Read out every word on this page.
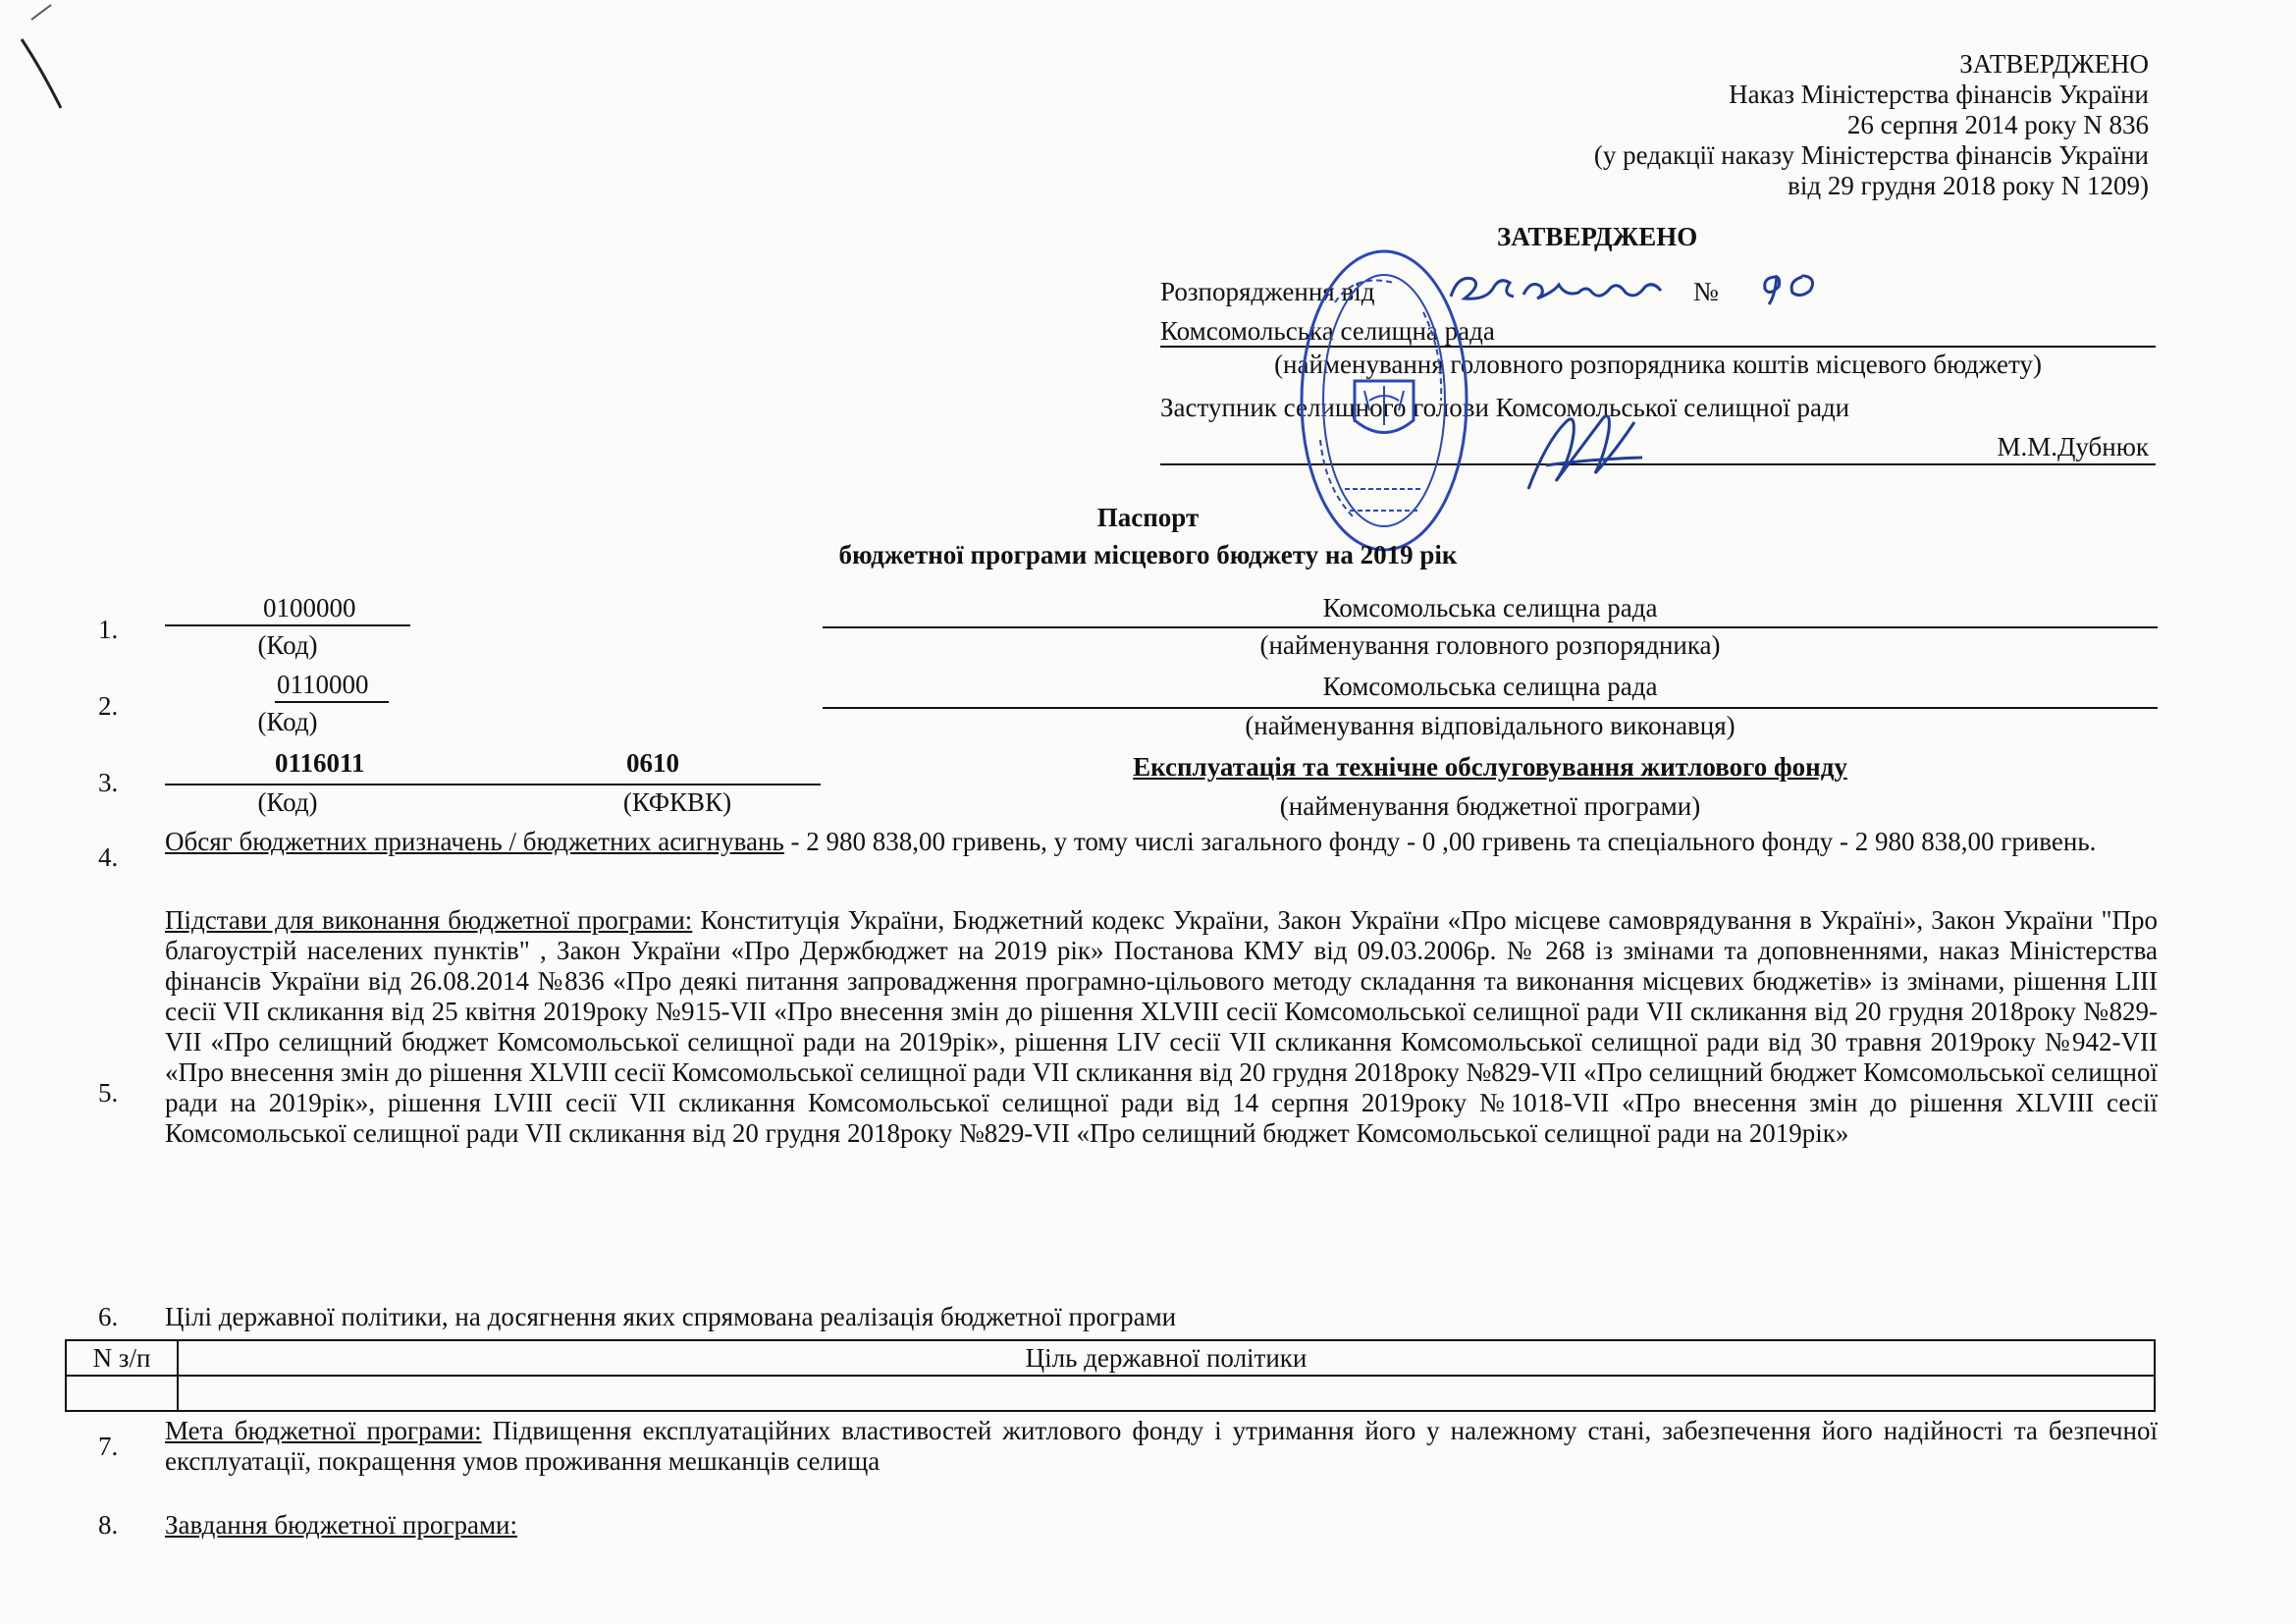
ЗАТВЕРДЖЕНО
Наказ Міністерства фінансів України
26 серпня 2014 року N 836
(у редакції наказу Міністерства фінансів України
від 29 грудня 2018 року N 1209)
ЗАТВЕРДЖЕНО
Розпорядження від	№
Комсомольська селищна рада
(найменування головного розпорядника коштів місцевого бюджету)
Заступник селищного голови Комсомольської селищної ради
М.М.Дубнюк
Паспорт
бюджетної програми місцевого бюджету на 2019 рік
1.
0100000
(Код)
Комсомольська селищна рада
(найменування головного розпорядника)
2.
0110000
(Код)
Комсомольська селищна рада
(найменування відповідального виконавця)
3.
0116011
(Код)
0610
(КФКВК)
Експлуатація та технічне обслуговування житлового фонду
(найменування бюджетної програми)
4.
Обсяг бюджетних призначень / бюджетних асигнувань - 2 980 838,00 гривень, у тому числі загального фонду - 0 ,00 гривень та спеціального фонду - 2 980 838,00 гривень.
5.
Підстави для виконання бюджетної програми: Конституція України, Бюджетний кодекс України, Закон України «Про місцеве самоврядування в Україні», Закон України "Про благоустрій населених пунктів" , Закон України «Про Держбюджет на 2019 рік» Постанова КМУ від 09.03.2006р. № 268 із змінами та доповненнями, наказ Міністерства фінансів України від 26.08.2014 №836 «Про деякі питання запровадження програмно-цільового методу складання та виконання місцевих бюджетів» із змінами, рішення LIII сесії VII скликання від 25 квітня 2019року №915-VII «Про внесення змін до рішення XLVIII сесії Комсомольської селищної ради VII скликання від 20 грудня 2018року №829-VII «Про селищний бюджет Комсомольської селищної ради на 2019рік», рішення LIV сесії VII скликання Комсомольської селищної ради від 30 травня 2019року №942-VII «Про внесення змін до рішення XLVIII сесії Комсомольської селищної ради VII скликання від 20 грудня 2018року №829-VII «Про селищний бюджет Комсомольської селищної ради на 2019рік», рішення LVIII сесії VII скликання Комсомольської селищної ради від 14 серпня 2019року №1018-VII «Про внесення змін до рішення XLVIII сесії Комсомольської селищної ради VII скликання від 20 грудня 2018року №829-VII «Про селищний бюджет Комсомольської селищної ради на 2019рік»
6. Цілі державної політики, на досягнення яких спрямована реалізація бюджетної програми
N з/п	Ціль державної політики

7.
Мета бюджетної програми: Підвищення експлуатаційних властивостей житлового фонду і утримання його у належному стані, забезпечення його надійності та безпечної експлуатації, покращення умов проживання мешканців селища
8. Завдання бюджетної програми:
